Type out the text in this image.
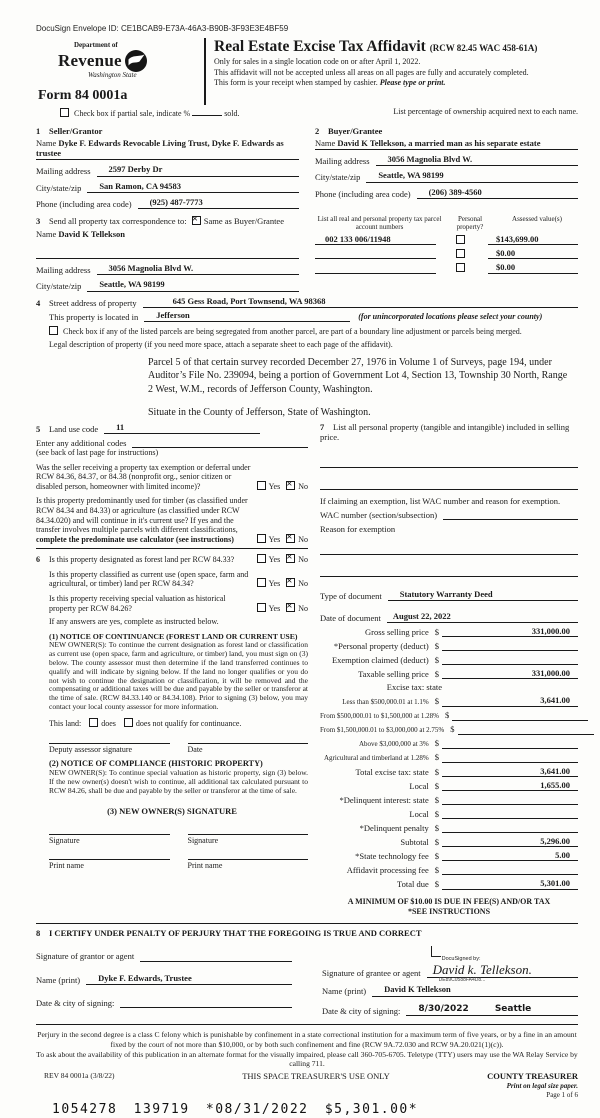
DocuSign Envelope ID: CE1BCAB9-E73A-46A3-B90B-3F93E3E4BF59
Department of
Revenue
Washington State
Form 84 0001a
Real Estate Excise Tax Affidavit (RCW 82.45 WAC 458-61A)
Only for sales in a single location code on or after April 1, 2022.
This affidavit will not be accepted unless all areas on all pages are fully and accurately completed.
This form is your receipt when stamped by cashier. Please type or print.
Check box if partial sale, indicate %	sold.	List percentage of ownership acquired next to each name.
1 Seller/Grantor
Name Dyke F. Edwards Revocable Living Trust, Dyke F. Edwards as trustee
Mailing address	2597 Derby Dr
City/state/zip	San Ramon, CA 94583
Phone (including area code)	(925) 487-7773
2 Buyer/Grantee
Name David K Tellekson, a married man as his separate estate
Mailing address	3056 Magnolia Blvd W.
City/state/zip	Seattle, WA 98199
Phone (including area code)	(206) 389-4560
3 Send all property tax correspondence to: × Same as Buyer/Grantee
Name David K Tellekson
Mailing address	3056 Magnolia Blvd W.
City/state/zip	Seattle, WA 98199
List all real and personal property tax parcel account numbers
Personal property?
Assessed value(s)
002 133 006/11948	$143,699.00
$0.00
$0.00
4	Street address of property	645 Gess Road, Port Townsend, WA 98368
This property is located in	Jefferson	(for unincorporated locations please select your county)
Check box if any of the listed parcels are being segregated from another parcel, are part of a boundary line adjustment or parcels being merged.
Legal description of property (if you need more space, attach a separate sheet to each page of the affidavit).
Parcel 5 of that certain survey recorded December 27, 1976 in Volume 1 of Surveys, page 194, under Auditor’s File No. 239094, being a portion of Government Lot 4, Section 13, Township 30 North, Range 2 West, W.M., records of Jefferson County, Washington.
Situate in the County of Jefferson, State of Washington.
5	Land use code	11
Enter any additional codes
(see back of last page for instructions)
Was the seller receiving a property tax exemption or deferral under RCW 84.36, 84.37, or 84.38 (nonprofit org., senior citizen or disabled person, homeowner with limited income)?	Yes × No
Is this property predominantly used for timber (as classified under RCW 84.34 and 84.33) or agriculture (as classified under RCW 84.34.020) and will continue in it's current use? If yes and the transfer involves multiple parcels with different classifications, complete the predominate use calculator (see instructions)	Yes × No
6 Is this property designated as forest land per RCW 84.33?	Yes × No
Is this property classified as current use (open space, farm and agricultural, or timber) land per RCW 84.34?	Yes × No
Is this property receiving special valuation as historical property per RCW 84.26?	Yes × No
If any answers are yes, complete as instructed below.
(1) NOTICE OF CONTINUANCE (FOREST LAND OR CURRENT USE)
NEW OWNER(S): To continue the current designation as forest land or classification as current use (open space, farm and agriculture, or timber) land, you must sign on (3) below. The county assessor must then determine if the land transferred continues to qualify and will indicate by signing below. If the land no longer qualifies or you do not wish to continue the designation or classification, it will be removed and the compensating or additional taxes will be due and payable by the seller or transferor at the time of sale. (RCW 84.33.140 or 84.34.108). Prior to signing (3) below, you may contact your local county assessor for more information.
This land:	does	does not qualify for continuance.
Deputy assessor signature	Date
(2) NOTICE OF COMPLIANCE (HISTORIC PROPERTY)
NEW OWNER(S): To continue special valuation as historic property, sign (3) below. If the new owner(s) doesn't wish to continue, all additional tax calculated pursuant to RCW 84.26, shall be due and payable by the seller or transferor at the time of sale.
(3) NEW OWNER(S) SIGNATURE
Signature	Signature
Print name	Print name
7 List all personal property (tangible and intangible) included in selling price.
If claiming an exemption, list WAC number and reason for exemption.
WAC number (section/subsection)
Reason for exemption
Type of document	Statutory Warranty Deed
Date of document	August 22, 2022
Gross selling price $	331,000.00
*Personal property (deduct) $
Exemption claimed (deduct) $
Taxable selling price $	331,000.00
Excise tax: state
Less than $500,000.01 at 1.1% $	3,641.00
From $500,000.01 to $1,500,000 at 1.28% $
From $1,500,000.01 to $3,000,000 at 2.75% $
Above $3,000,000 at 3% $
Agricultural and timberland at 1.28% $
Total excise tax: state $	3,641.00
Local $	1,655.00
*Delinquent interest: state $
Local $
*Delinquent penalty $
Subtotal $	5,296.00
*State technology fee $	5.00
Affidavit processing fee $
Total due $	5,301.00
A MINIMUM OF $10.00 IS DUE IN FEE(S) AND/OR TAX
*SEE INSTRUCTIONS
8 I CERTIFY UNDER PENALTY OF PERJURY THAT THE FOREGOING IS TRUE AND CORRECT
Signature of grantor or agent
Name (print)	Dyke F. Edwards, Trustee
Date & city of signing:
Signature of grantee or agent
DocuSigned by:
David k. Tellekson.
DE89C0588FA4D8...
Name (print)	David K Tellekson
Date & city of signing:	8/30/2022	Seattle
Perjury in the second degree is a class C felony which is punishable by confinement in a state correctional institution for a maximum term of five years, or by a fine in an amount fixed by the court of not more than $10,000, or by both such confinement and fine (RCW 9A.72.030 and RCW 9A.20.021(1)(c)).
To ask about the availability of this publication in an alternate format for the visually impaired, please call 360-705-6705. Teletype (TTY) users may use the WA Relay Service by calling 711.
REV 84 0001a (3/8/22)	THIS SPACE TREASURER'S USE ONLY	COUNTY TREASURER
Print on legal size paper.
Page 1 of 6
1054278 139719 *08/31/2022 $5,301.00*
